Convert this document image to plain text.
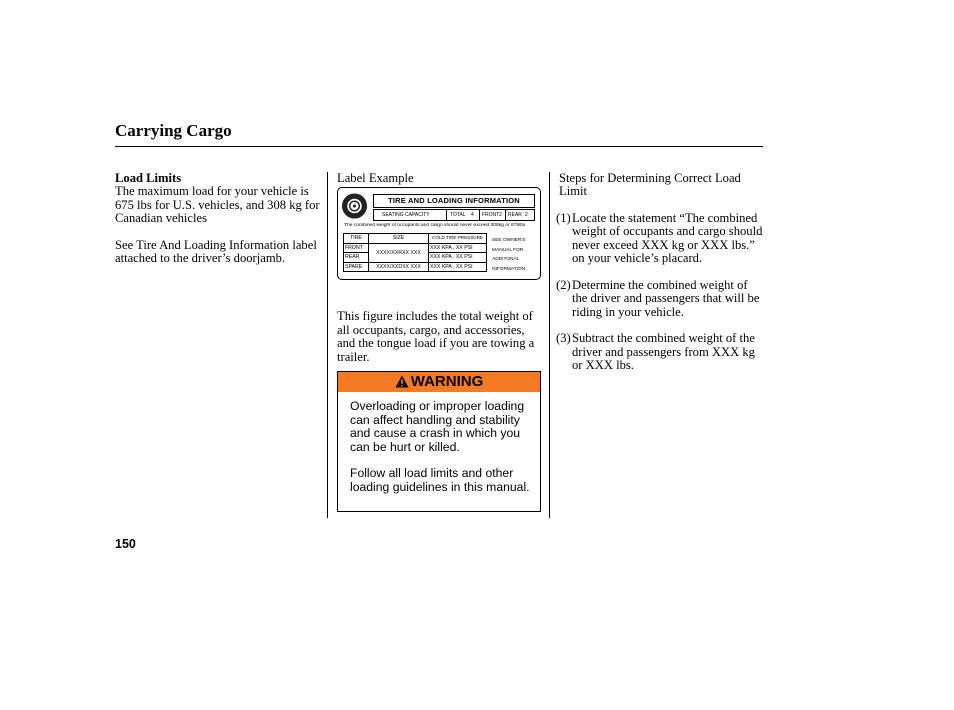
Carrying Cargo

Load Limits

The maximum load for your vehicle is 675 lbs for U.S. vehicles, and 308 kg for Canadian vehicles

See Tire And Loading Information label attached to the driver’s doorjamb.

Label Example

This figure includes the total weight of all occupants, cargo, and accessories, and the tongue load if you are towing a trailer.

TIRE AND LOADING INFORMATION
SEATING CAPACITY	TOTAL 4 FRONT 2 REAR 2
The combined weight of occupants and cargo should never exceed 308kg or 675lbs.
TIRE	SIZE	COLD TIRE PRESSURE
FRONT	XXXX/XXRXX XXX	XXX KPA , XX PSI
REAR		XXX KPA , XX PSI
SPARE	XXXX/XXDXX XXX	XXX KPA , XX PSI
SEE OWNER'S
MANUAL FOR
ADDITONAL
INFORMATION
WARNING

Overloading or improper loading can affect handling and stability and cause a crash in which you can be hurt or killed.

Follow all load limits and other loading guidelines in this manual.

Steps for Determining Correct Load Limit

(1) Locate the statement “The combined weight of occupants and cargo should never exceed XXX kg or XXX lbs.” on your vehicle’s placard.
(2) Determine the combined weight of the driver and passengers that will be riding in your vehicle.
(3) Subtract the combined weight of the driver and passengers from XXX kg or XXX lbs.
150
